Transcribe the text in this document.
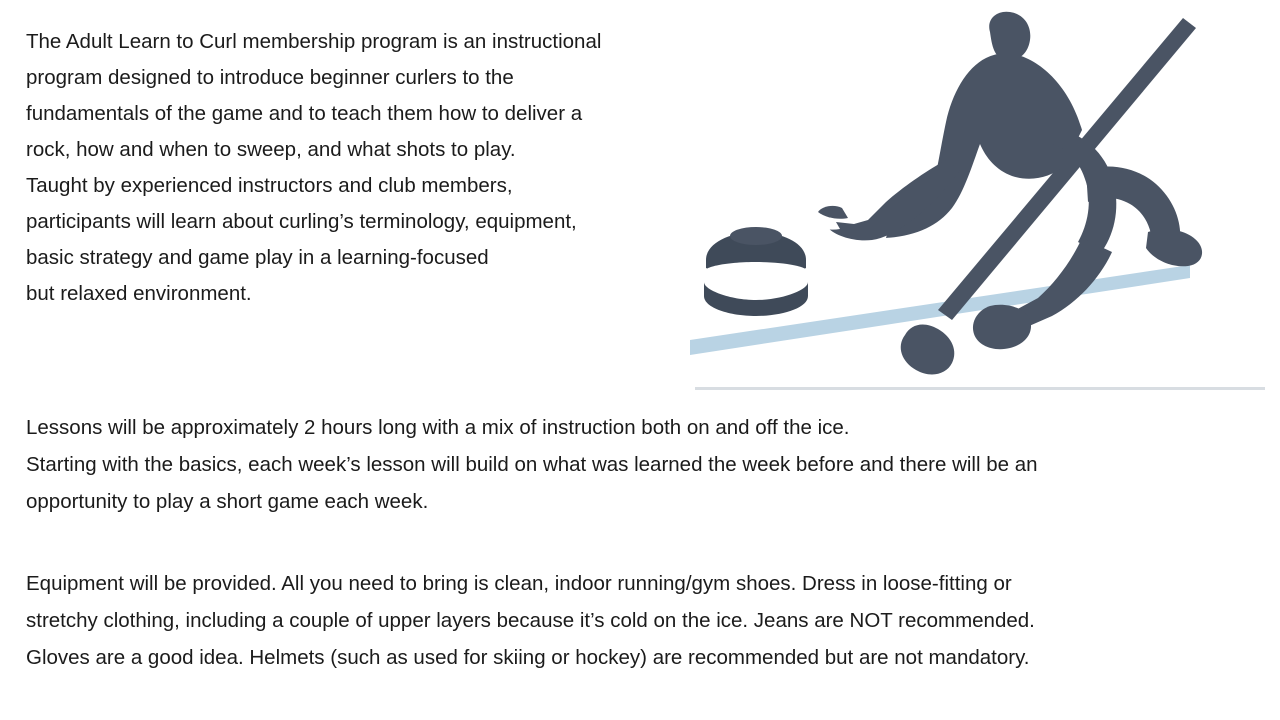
The Adult Learn to Curl membership program is an instructional
program designed to introduce beginner curlers to the
fundamentals of the game and to teach them how to deliver a
rock, how and when to sweep, and what shots to play.
Taught by experienced instructors and club members,
participants will learn about curling’s terminology, equipment,
basic strategy and game play in a learning-focused
but relaxed environment.
Lessons will be approximately 2 hours long with a mix of instruction both on and off the ice.
Starting with the basics, each week’s lesson will build on what was learned the week before and there will be an
opportunity to play a short game each week.
Equipment will be provided. All you need to bring is clean, indoor running/gym shoes. Dress in loose-fitting or
stretchy clothing, including a couple of upper layers because it’s cold on the ice. Jeans are NOT recommended.
Gloves are a good idea. Helmets (such as used for skiing or hockey) are recommended but are not mandatory.
